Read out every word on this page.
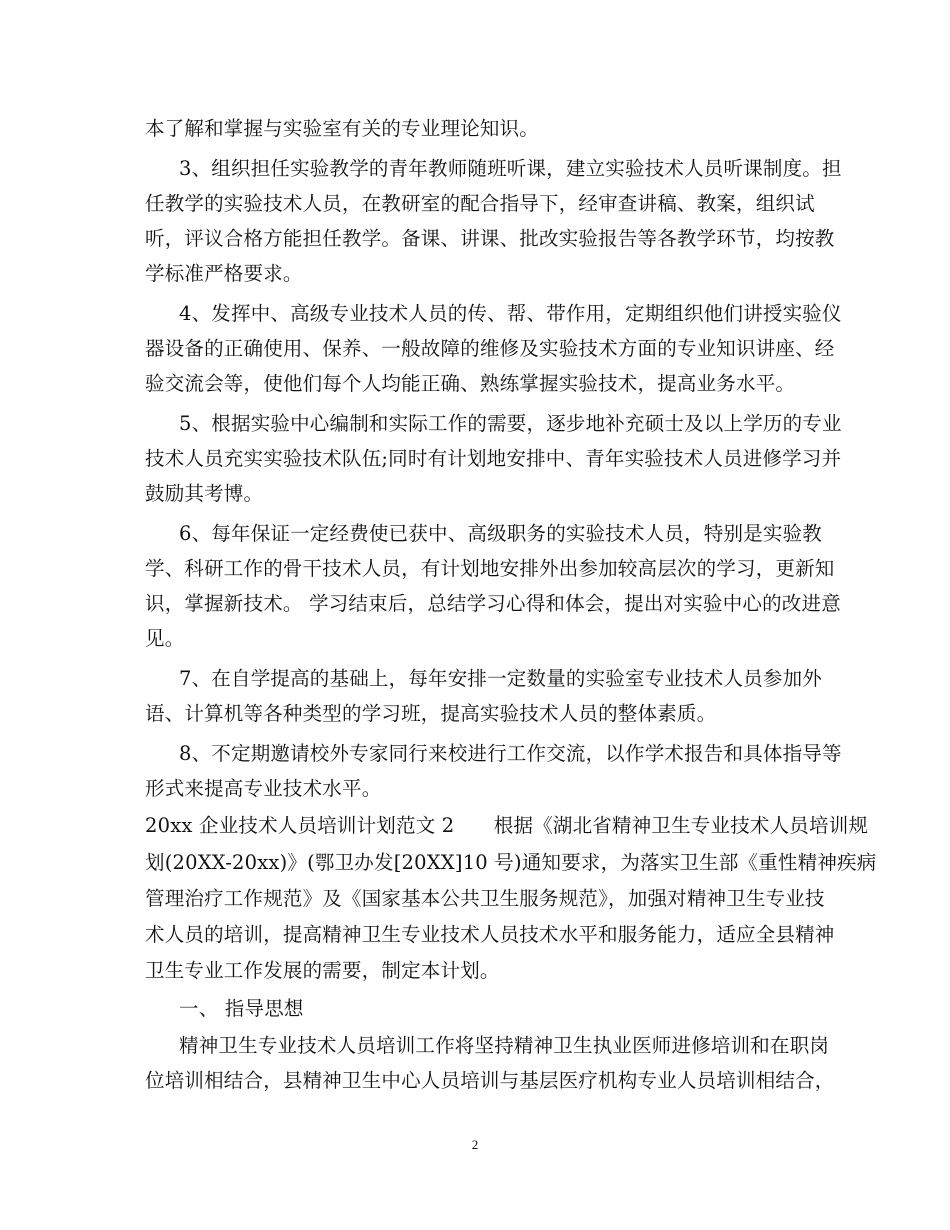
本了解和掌握与实验室有关的专业理论知识。
3、组织担任实验教学的青年教师随班听课，建立实验技术人员听课制度。担
任教学的实验技术人员，在教研室的配合指导下，经审查讲稿、教案，组织试
听，评议合格方能担任教学。备课、讲课、批改实验报告等各教学环节，均按教
学标准严格要求。
4、发挥中、高级专业技术人员的传、帮、带作用，定期组织他们讲授实验仪
器设备的正确使用、保养、一般故障的维修及实验技术方面的专业知识讲座、经
验交流会等，使他们每个人均能正确、熟练掌握实验技术，提高业务水平。
5、根据实验中心编制和实际工作的需要，逐步地补充硕士及以上学历的专业
技术人员充实实验技术队伍;同时有计划地安排中、青年实验技术人员进修学习并
鼓励其考博。
6、每年保证一定经费使已获中、高级职务的实验技术人员，特别是实验教
学、科研工作的骨干技术人员，有计划地安排外出参加较高层次的学习，更新知
识，掌握新技术。 学习结束后，总结学习心得和体会，提出对实验中心的改进意
见。
7、在自学提高的基础上，每年安排一定数量的实验室专业技术人员参加外
语、计算机等各种类型的学习班，提高实验技术人员的整体素质。
8、不定期邀请校外专家同行来校进行工作交流，以作学术报告和具体指导等
形式来提高专业技术水平。
20xx 企业技术人员培训计划范文 2　　根据《湖北省精神卫生专业技术人员培训规
划(20XX-20xx)》(鄂卫办发[20XX]10 号)通知要求，为落实卫生部《重性精神疾病
管理治疗工作规范》及《国家基本公共卫生服务规范》，加强对精神卫生专业技
术人员的培训，提高精神卫生专业技术人员技术水平和服务能力，适应全县精神
卫生专业工作发展的需要，制定本计划。
一、 指导思想
精神卫生专业技术人员培训工作将坚持精神卫生执业医师进修培训和在职岗
位培训相结合，县精神卫生中心人员培训与基层医疗机构专业人员培训相结合，
2
